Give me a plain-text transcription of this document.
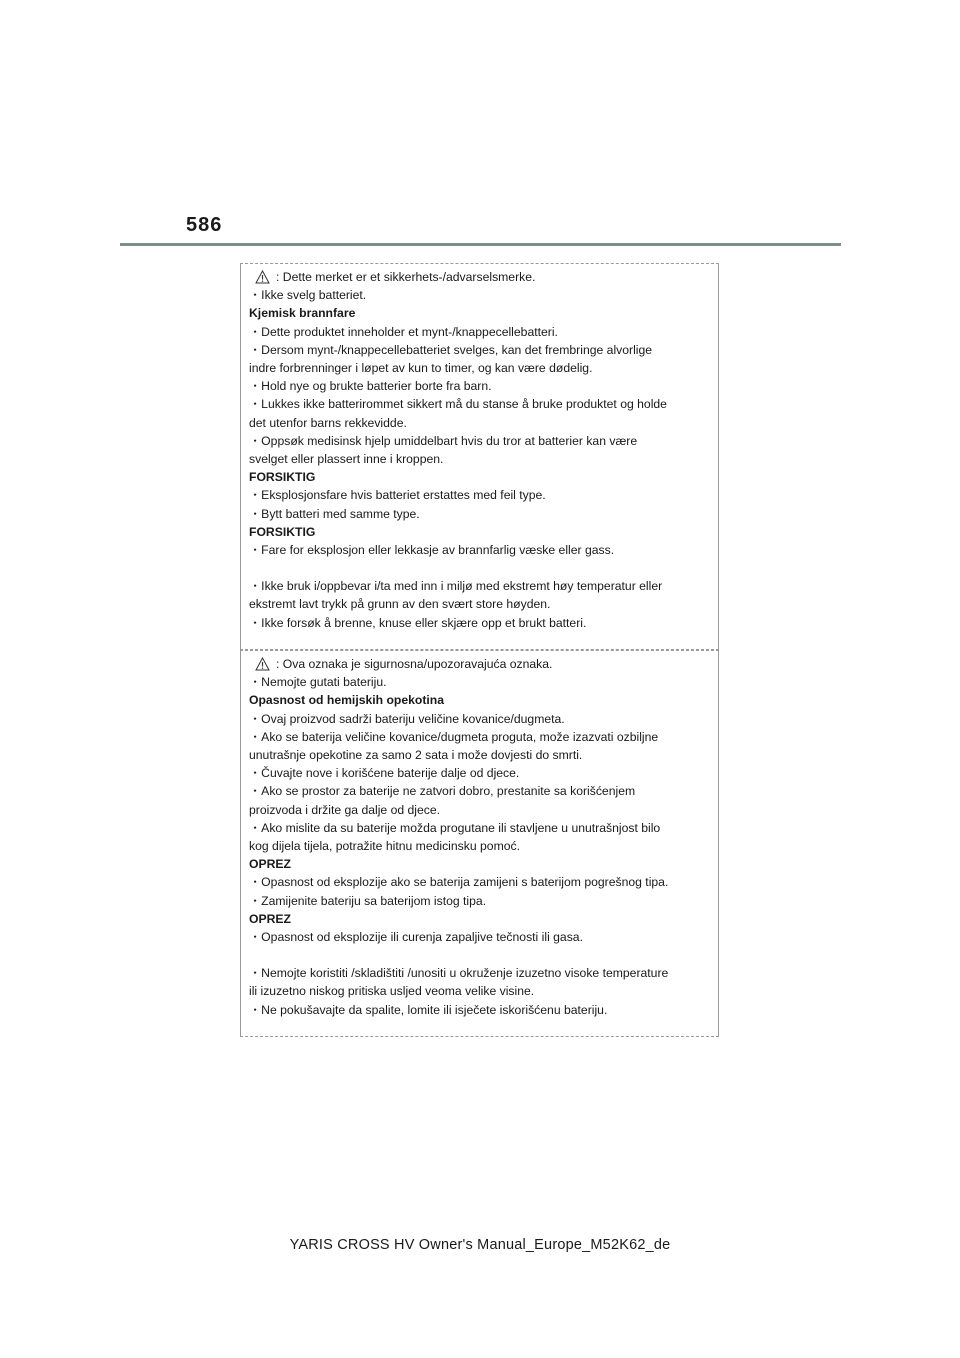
586
: Dette merket er et sikkerhets-/advarselsmerke.
・Ikke svelg batteriet.
Kjemisk brannfare
・Dette produktet inneholder et mynt-/knappecellebatteri.
・Dersom mynt-/knappecellebatteriet svelges, kan det frembringe alvorlige
indre forbrenninger i løpet av kun to timer, og kan være dødelig.
・Hold nye og brukte batterier borte fra barn.
・Lukkes ikke batterirommet sikkert må du stanse å bruke produktet og holde
det utenfor barns rekkevidde.
・Oppsøk medisinsk hjelp umiddelbart hvis du tror at batterier kan være
svelget eller plassert inne i kroppen.
FORSIKTIG
・Eksplosjonsfare hvis batteriet erstattes med feil type.
・Bytt batteri med samme type.
FORSIKTIG
・Fare for eksplosjon eller lekkasje av brannfarlig væske eller gass.
・Ikke bruk i/oppbevar i/ta med inn i miljø med ekstremt høy temperatur eller
ekstremt lavt trykk på grunn av den svært store høyden.
・Ikke forsøk å brenne, knuse eller skjære opp et brukt batteri.
: Ova oznaka je sigurnosna/upozoravajuća oznaka.
・Nemojte gutati bateriju.
Opasnost od hemijskih opekotina
・Ovaj proizvod sadrži bateriju veličine kovanice/dugmeta.
・Ako se baterija veličine kovanice/dugmeta proguta, može izazvati ozbiljne
unutrašnje opekotine za samo 2 sata i može dovjesti do smrti.
・Čuvajte nove i korišćene baterije dalje od djece.
・Ako se prostor za baterije ne zatvori dobro, prestanite sa korišćenjem
proizvoda i držite ga dalje od djece.
・Ako mislite da su baterije možda progutane ili stavljene u unutrašnjost bilo
kog dijela tijela, potražite hitnu medicinsku pomoć.
OPREZ
・Opasnost od eksplozije ako se baterija zamijeni s baterijom pogrešnog tipa.
・Zamijenite bateriju sa baterijom istog tipa.
OPREZ
・Opasnost od eksplozije ili curenja zapaljive tečnosti ili gasa.
・Nemojte koristiti /skladištiti /unositi u okruženje izuzetno visoke temperature
ili izuzetno niskog pritiska usljed veoma velike visine.
・Ne pokušavajte da spalite, lomite ili isječete iskorišćenu bateriju.
YARIS CROSS HV Owner's Manual_Europe_M52K62_de
